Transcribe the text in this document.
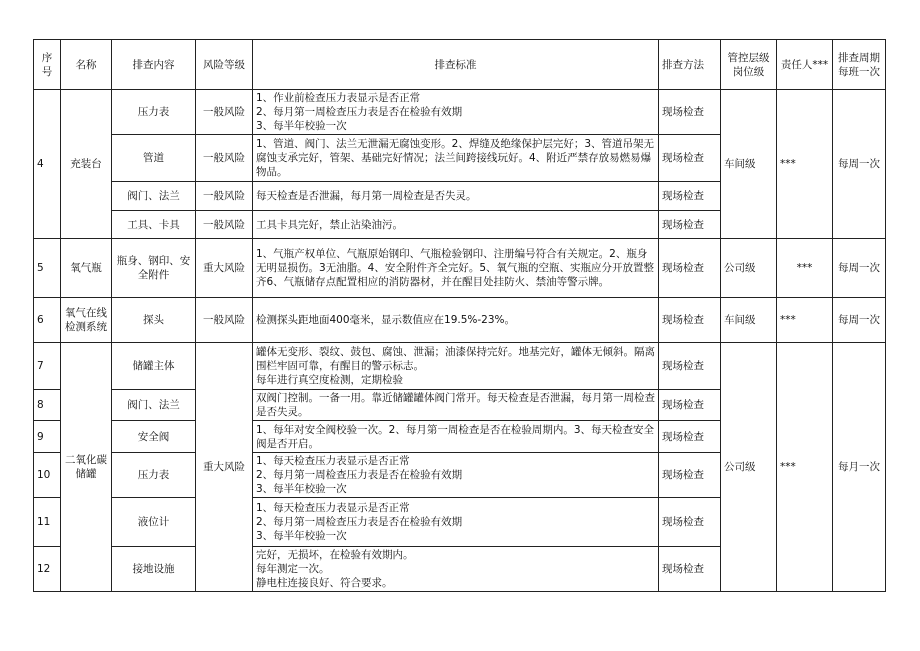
序号	名称	排查内容	风险等级	排查标准	排查方法	管控层级岗位级	责任人***	排查周期每班一次
4	充装台	压力表	一般风险	1、作业前检查压力表显示是否正常
2、每月第一周检查压力表是否在检验有效期
3、每半年校验一次	现场检查	车间级	***	每周一次
		管道	一般风险	1、管道、阀门、法兰无泄漏无腐蚀变形。2、焊缝及绝缘保护层完好；3、管道吊架无腐蚀支承完好，管架、基础完好情况；法兰间跨接线玩好。4、附近严禁存放易燃易爆物品。	现场检查			
		阀门、法兰	一般风险	每天检查是否泄漏，每月第一周检查是否失灵。	现场检查			
		工具、卡具	一般风险	工具卡具完好，禁止沾染油污。	现场检查			
5	氧气瓶	瓶身、钢印、安全附件	重大风险	1、气瓶产权单位、气瓶原始钢印、气瓶检验钢印、注册编号符合有关规定。2、瓶身无明显损伤。3无油脂。4、安全附件齐全完好。5、氧气瓶的空瓶、实瓶应分开放置整齐6、气瓶储存点配置相应的消防器材，并在醒目处挂防火、禁油等警示牌。	现场检查	公司级	***	每周一次
6	氧气在线检测系统	探头	一般风险	检测探头距地面400毫米，显示数值应在19.5%-23%。	现场检查	车间级	***	每周一次
7	二氧化碳储罐	储罐主体	重大风险	罐体无变形、裂纹、鼓包、腐蚀、泄漏；油漆保持完好。地基完好，罐体无倾斜。隔离围栏牢固可靠，有醒目的警示标志。
每年进行真空度检测，定期检验	现场检查	公司级	***	每月一次
8		阀门、法兰		双阀门控制。一备一用。靠近储罐罐体阀门常开。每天检查是否泄漏，每月第一周检查是否失灵。	现场检查			
9		安全阀		1、每年对安全阀校验一次。2、每月第一周检查是否在检验周期内。3、每天检查安全阀是否开启。	现场检查			
10		压力表		1、每天检查压力表显示是否正常
2、每月第一周检查压力表是否在检验有效期
3、每半年校验一次	现场检查			
11		液位计		1、每天检查压力表显示是否正常
2、每月第一周检查压力表是否在检验有效期
3、每半年校验一次	现场检查			
12		接地设施		完好，无损坏，在检验有效期内。
每年测定一次。
静电柱连接良好、符合要求。	现场检查			
